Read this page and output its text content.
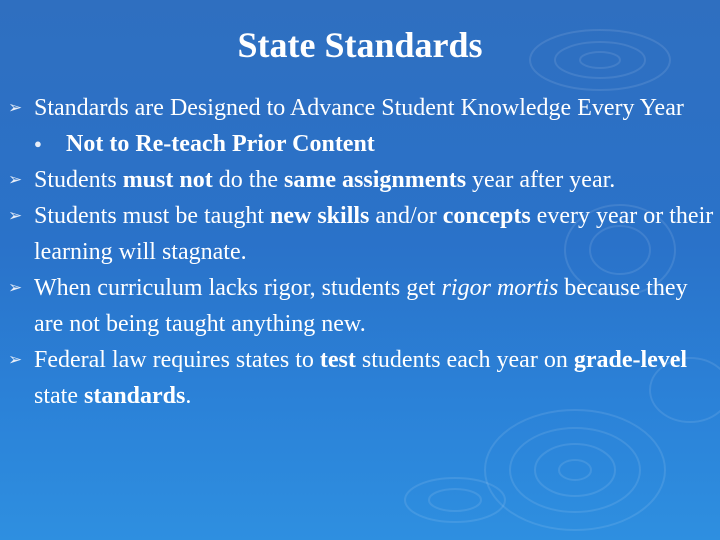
State Standards
➢ Standards are Designed to Advance Student Knowledge Every Year
●	Not to Re-teach Prior Content
➢ Students must not do the same assignments year after year.
➢ Students must be taught new skills and/or concepts every year or their learning will stagnate.
➢ When curriculum lacks rigor, students get rigor mortis because they are not being taught anything new.
➢ Federal law requires states to test students each year on grade-level state standards.
